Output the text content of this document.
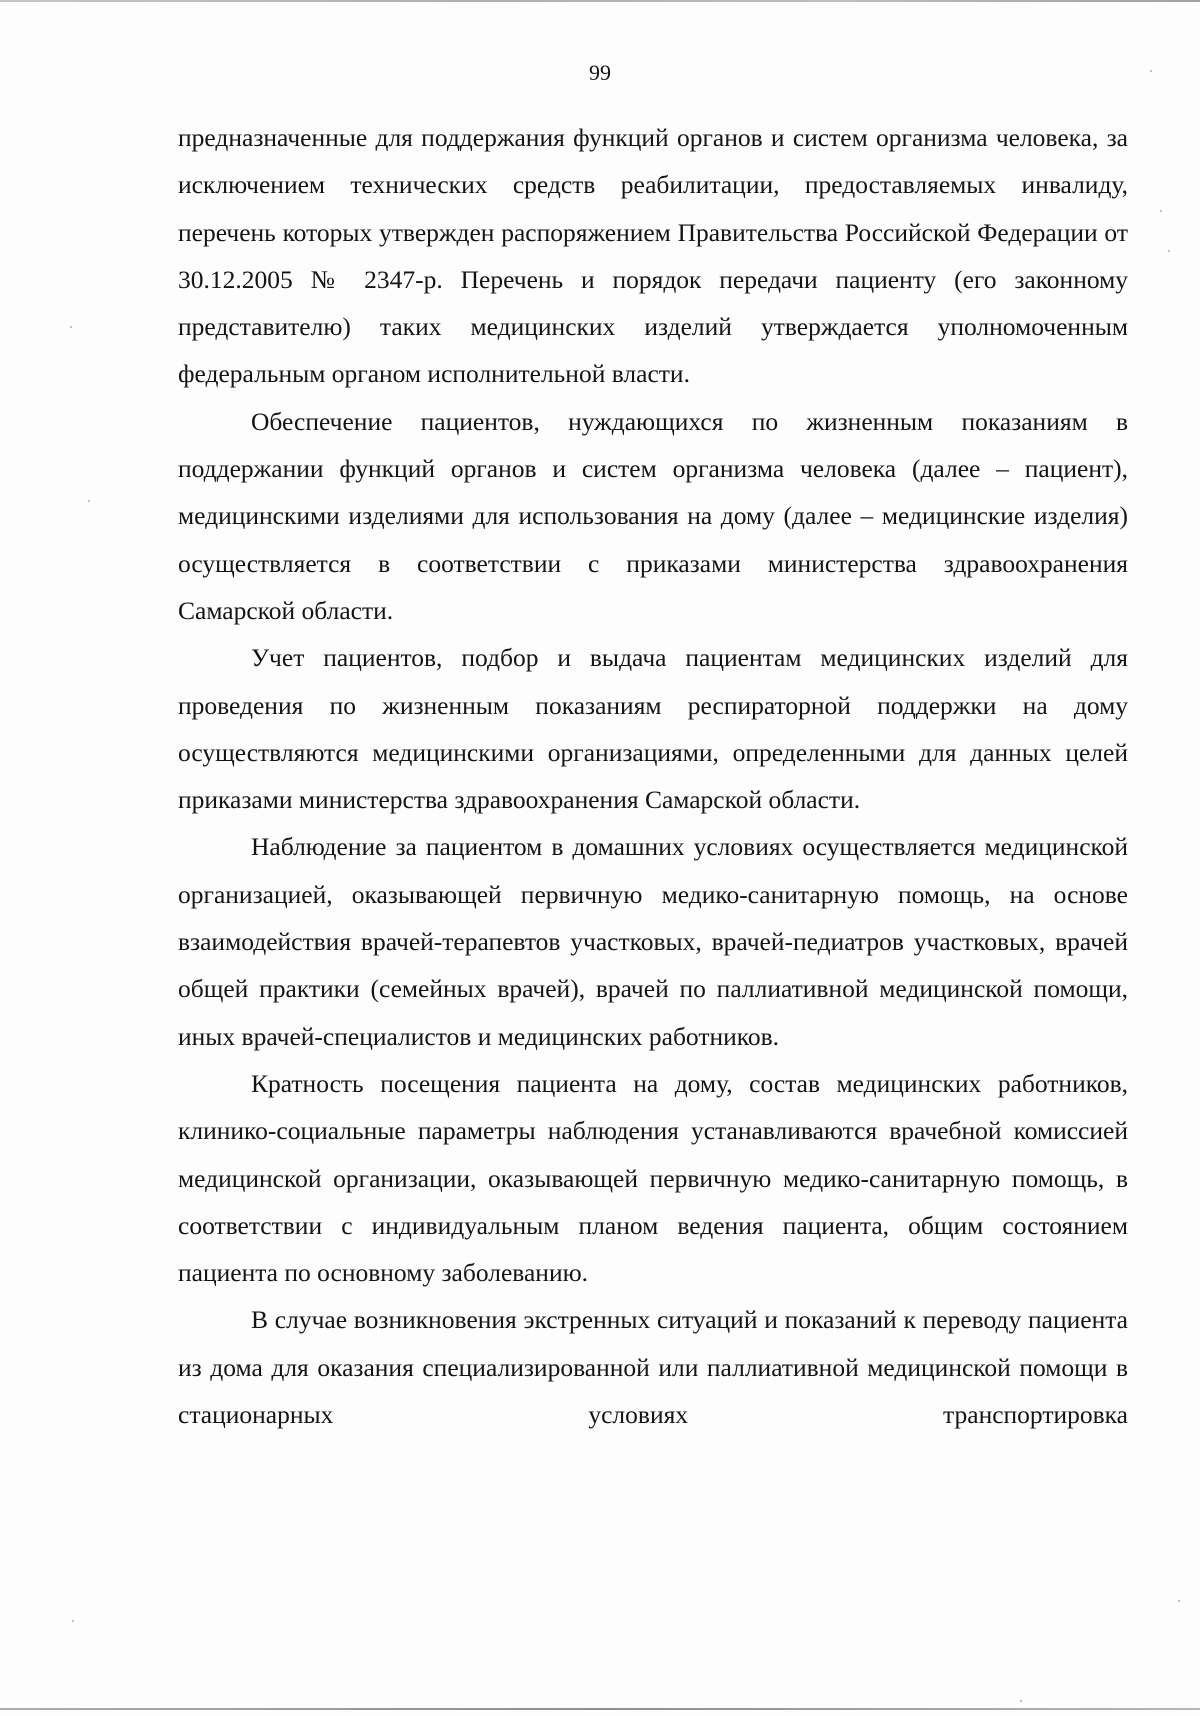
99

предназначенные для поддержания функций органов и систем организма человека, за исключением технических средств реабилитации, предоставляемых инвалиду, перечень которых утвержден распоряжением Правительства Российской Федерации от 30.12.2005 № 2347-р. Перечень и порядок передачи пациенту (его законному представителю) таких медицинских изделий утверждается уполномоченным федеральным органом исполнительной власти.

Обеспечение пациентов, нуждающихся по жизненным показаниям в поддержании функций органов и систем организма человека (далее – пациент), медицинскими изделиями для использования на дому (далее – медицинские изделия) осуществляется в соответствии с приказами министерства здравоохранения Самарской области.

Учет пациентов, подбор и выдача пациентам медицинских изделий для проведения по жизненным показаниям респираторной поддержки на дому осуществляются медицинскими организациями, определенными для данных целей приказами министерства здравоохранения Самарской области.

Наблюдение за пациентом в домашних условиях осуществляется медицинской организацией, оказывающей первичную медико-санитарную помощь, на основе взаимодействия врачей-терапевтов участковых, врачей-педиатров участковых, врачей общей практики (семейных врачей), врачей по паллиативной медицинской помощи, иных врачей-специалистов и медицинских работников.

Кратность посещения пациента на дому, состав медицинских работников, клинико-социальные параметры наблюдения устанавливаются врачебной комиссией медицинской организации, оказывающей первичную медико-санитарную помощь, в соответствии с индивидуальным планом ведения пациента, общим состоянием пациента по основному заболеванию.

В случае возникновения экстренных ситуаций и показаний к переводу пациента из дома для оказания специализированной или паллиативной медицинской помощи в стационарных условиях транспортировка
